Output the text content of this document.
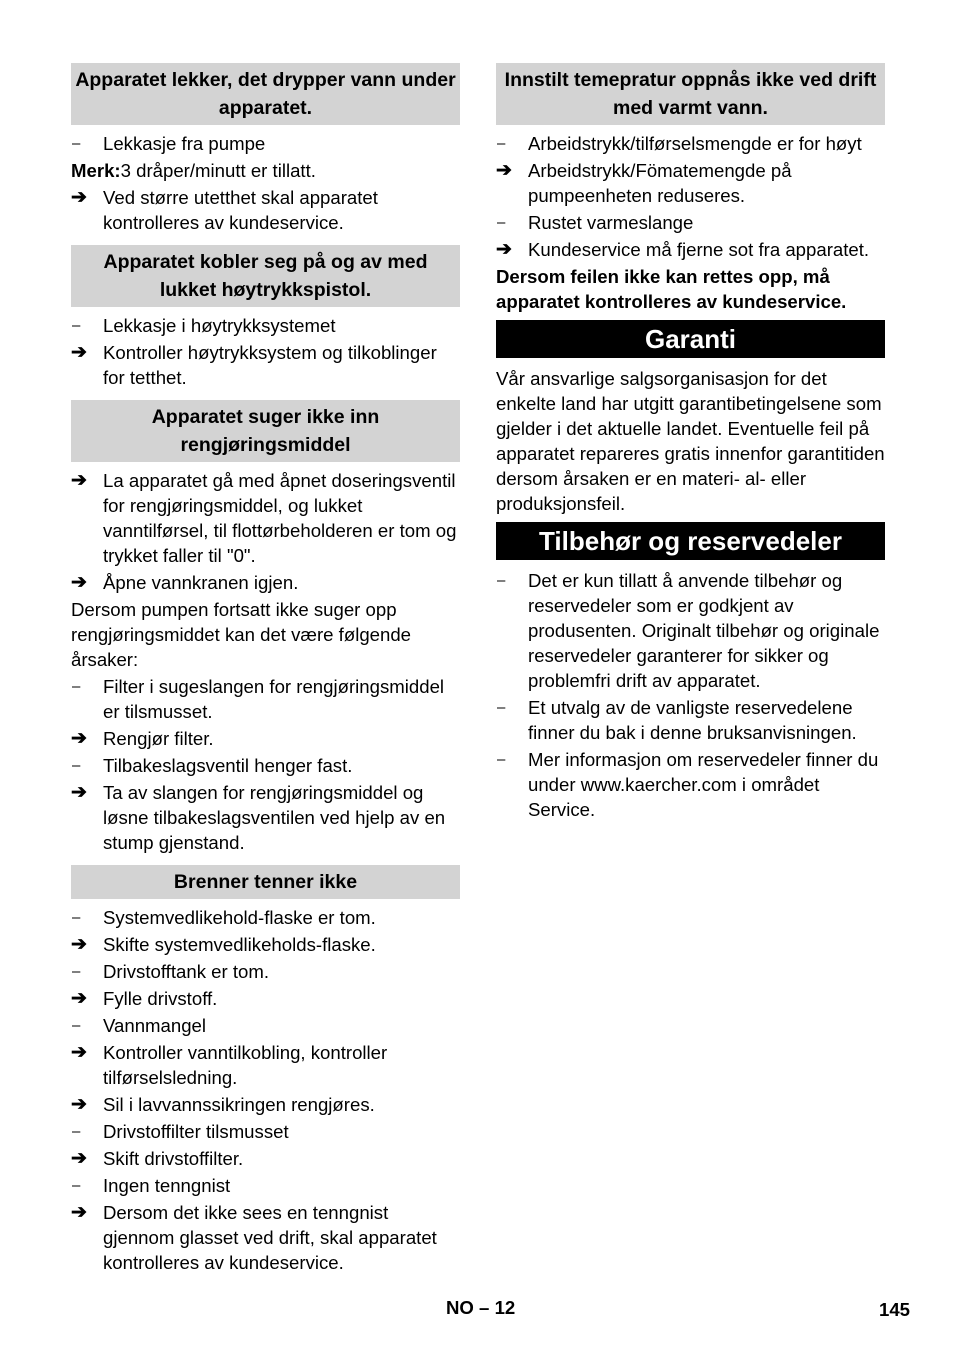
Apparatet lekker, det drypper vann under apparatet.
–	Lekkasje fra pumpe
Merk:3 dråper/minutt er tillatt.
➔ Ved større utetthet skal apparatet kontrolleres av kundeservice.
Apparatet kobler seg på og av med lukket høytrykkspistol.
–	Lekkasje i høytrykksystemet
➔ Kontroller høytrykksystem og tilkoblinger for tetthet.
Apparatet suger ikke inn rengjøringsmiddel
➔ La apparatet gå med åpnet doseringsventil for rengjøringsmiddel, og lukket vanntilførsel, til flottørbeholderen er tom og trykket faller til "0".
➔ Åpne vannkranen igjen.
Dersom pumpen fortsatt ikke suger opp rengjøringsmiddet kan det være følgende årsaker:
–	Filter i sugeslangen for rengjøringsmiddel er tilsmusset.
➔ Rengjør filter.
–	Tilbakeslagsventil henger fast.
➔ Ta av slangen for rengjøringsmiddel og løsne tilbakeslagsventilen ved hjelp av en stump gjenstand.
Brenner tenner ikke
–	Systemvedlikehold-flaske er tom.
➔ Skifte systemvedlikeholds-flaske.
–	Drivstofftank er tom.
➔ Fylle drivstoff.
–	Vannmangel
➔ Kontroller vanntilkobling, kontroller tilførselsledning.
➔ Sil i lavvannssikringen rengjøres.
–	Drivstoffilter tilsmusset
➔ Skift drivstoffilter.
–	Ingen tenngnist
➔ Dersom det ikke sees en tenngnist gjennom glasset ved drift, skal apparatet kontrolleres av kundeservice.
Innstilt temepratur oppnås ikke ved drift med varmt vann.
–	Arbeidstrykk/tilførselsmengde er for høyt
➔ Arbeidstrykk/Fömatemengde på pumpeenheten reduseres.
–	Rustet varmeslange
➔ Kundeservice må fjerne sot fra apparatet.
Dersom feilen ikke kan rettes opp, må apparatet kontrolleres av kundeservice.
Garanti
Vår ansvarlige salgsorganisasjon for det enkelte land har utgitt garantibetingelsene som gjelder i det aktuelle landet. Eventuelle feil på apparatet repareres gratis innenfor garantitiden dersom årsaken er en materi- al- eller produksjonsfeil.
Tilbehør og reservedeler
–	Det er kun tillatt å anvende tilbehør og reservedeler som er godkjent av produsenten. Originalt tilbehør og originale reservedeler garanterer for sikker og problemfri drift av apparatet.
–	Et utvalg av de vanligste reservedelene finner du bak i denne bruksanvisningen.
–	Mer informasjon om reservedeler finner du under www.kaercher.com i området Service.
NO – 12	145
